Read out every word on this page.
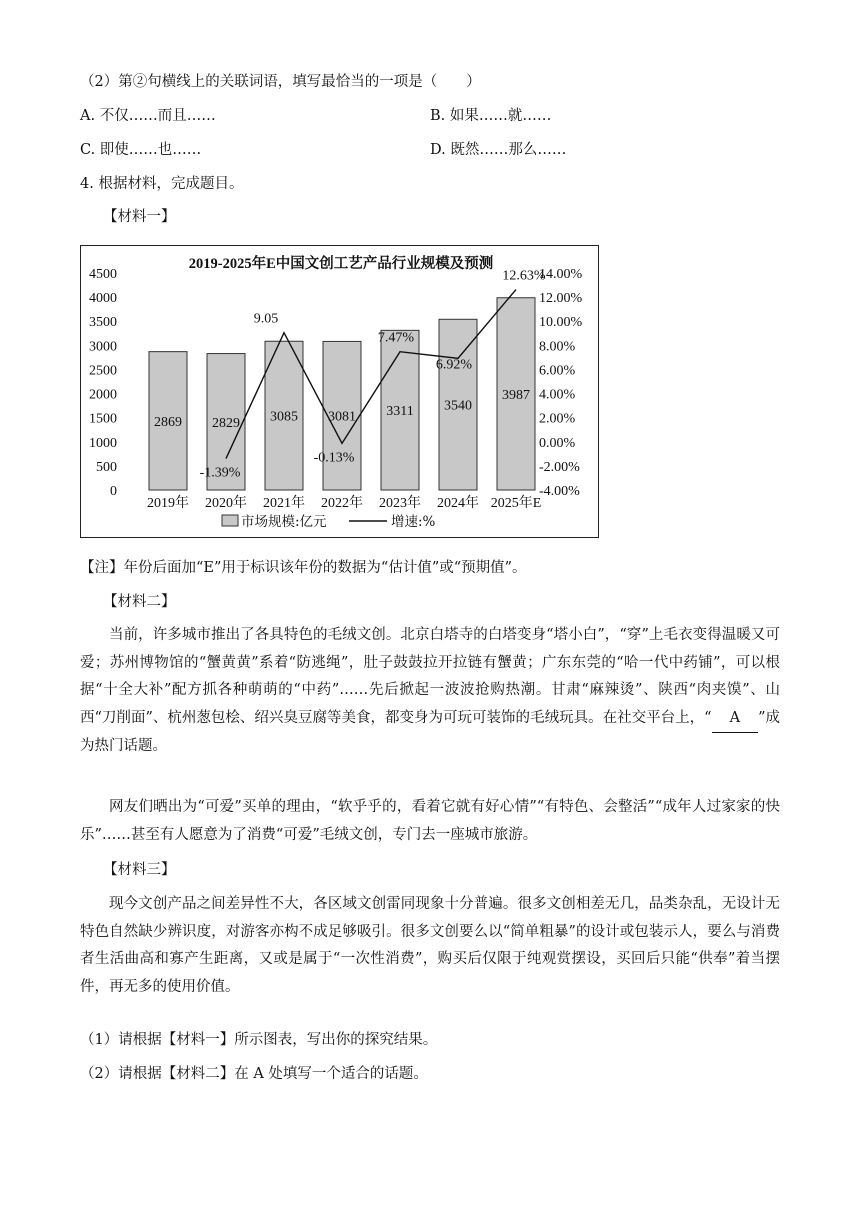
（2）第②句横线上的关联词语，填写最恰当的一项是（　　）
A. 不仅……而且……	B. 如果……就……
C. 即使……也……	D. 既然……那么……
4. 根据材料，完成题目。
【材料一】
2019-2025年E中国文创工艺产品行业规模及预测
0
500
1000
1500
2000
2500
3000
3500
4000
4500
-4.00%
-2.00%
0.00%
2.00%
4.00%
6.00%
8.00%
10.00%
12.00%
14.00%
2869
2019年
2829
2020年
3085
2021年
3081
2022年
3311
2023年
3540
2024年
3987
2025年E
-1.39%
9.05
-0.13%
7.47%
6.92%
12.63%
市场规模:亿元	增速:%
【注】年份后面加“E”用于标识该年份的数据为“估计值”或“预期值”。
【材料二】
当前，许多城市推出了各具特色的毛绒文创。北京白塔寺的白塔变身“塔小白”，“穿”上毛衣变得温暖又可爱；苏州博物馆的“蟹黄黄”系着“防逃绳”，肚子鼓鼓拉开拉链有蟹黄；广东东莞的“哈一代中药铺”，可以根据“十全大补”配方抓各种萌萌的“中药”……先后掀起一波波抢购热潮。甘肃“麻辣烫”、陕西“肉夹馍”、山西“刀削面”、杭州葱包桧、绍兴臭豆腐等美食，都变身为可玩可装饰的毛绒玩具。在社交平台上，“ A ”成为热门话题。
网友们晒出为“可爱”买单的理由，“软乎乎的，看着它就有好心情”“有特色、会整活”“成年人过家家的快乐”……甚至有人愿意为了消费“可爱”毛绒文创，专门去一座城市旅游。
【材料三】
现今文创产品之间差异性不大，各区域文创雷同现象十分普遍。很多文创相差无几，品类杂乱，无设计无特色自然缺少辨识度，对游客亦构不成足够吸引。很多文创要么以“简单粗暴”的设计或包装示人，要么与消费者生活曲高和寡产生距离，又或是属于“一次性消费”，购买后仅限于纯观赏摆设，买回后只能“供奉”着当摆件，再无多的使用价值。
（1）请根据【材料一】所示图表，写出你的探究结果。
（2）请根据【材料二】在 A 处填写一个适合的话题。
